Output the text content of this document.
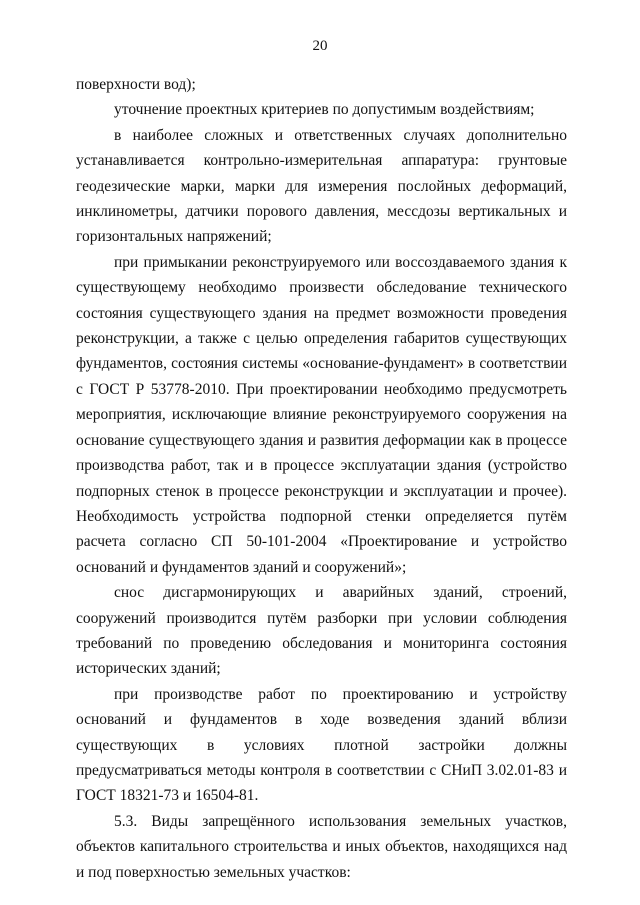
20

поверхности вод);

уточнение проектных критериев по допустимым воздействиям;

в наиболее сложных и ответственных случаях дополнительно устанавливается контрольно-измерительная аппаратура: грунтовые геодезические марки, марки для измерения послойных деформаций, инклинометры, датчики порового давления, мессдозы вертикальных и горизонтальных напряжений;

при примыкании реконструируемого или воссоздаваемого здания к существующему необходимо произвести обследование технического состояния существующего здания на предмет возможности проведения реконструкции, а также с целью определения габаритов существующих фундаментов, состояния системы «основание-фундамент» в соответствии с ГОСТ Р 53778-2010. При проектировании необходимо предусмотреть мероприятия, исключающие влияние реконструируемого сооружения на основание существующего здания и развития деформации как в процессе производства работ, так и в процессе эксплуатации здания (устройство подпорных стенок в процессе реконструкции и эксплуатации и прочее). Необходимость устройства подпорной стенки определяется путём расчета согласно СП 50-101-2004 «Проектирование и устройство оснований и фундаментов зданий и сооружений»;

снос дисгармонирующих и аварийных зданий, строений, сооружений производится путём разборки при условии соблюдения требований по проведению обследования и мониторинга состояния исторических зданий;

при производстве работ по проектированию и устройству оснований и фундаментов в ходе возведения зданий вблизи существующих в условиях плотной застройки должны предусматриваться методы контроля в соответствии с СНиП 3.02.01-83 и ГОСТ 18321-73 и 16504-81.

5.3. Виды запрещённого использования земельных участков, объектов капитального строительства и иных объектов, находящихся над и под поверхностью земельных участков:
